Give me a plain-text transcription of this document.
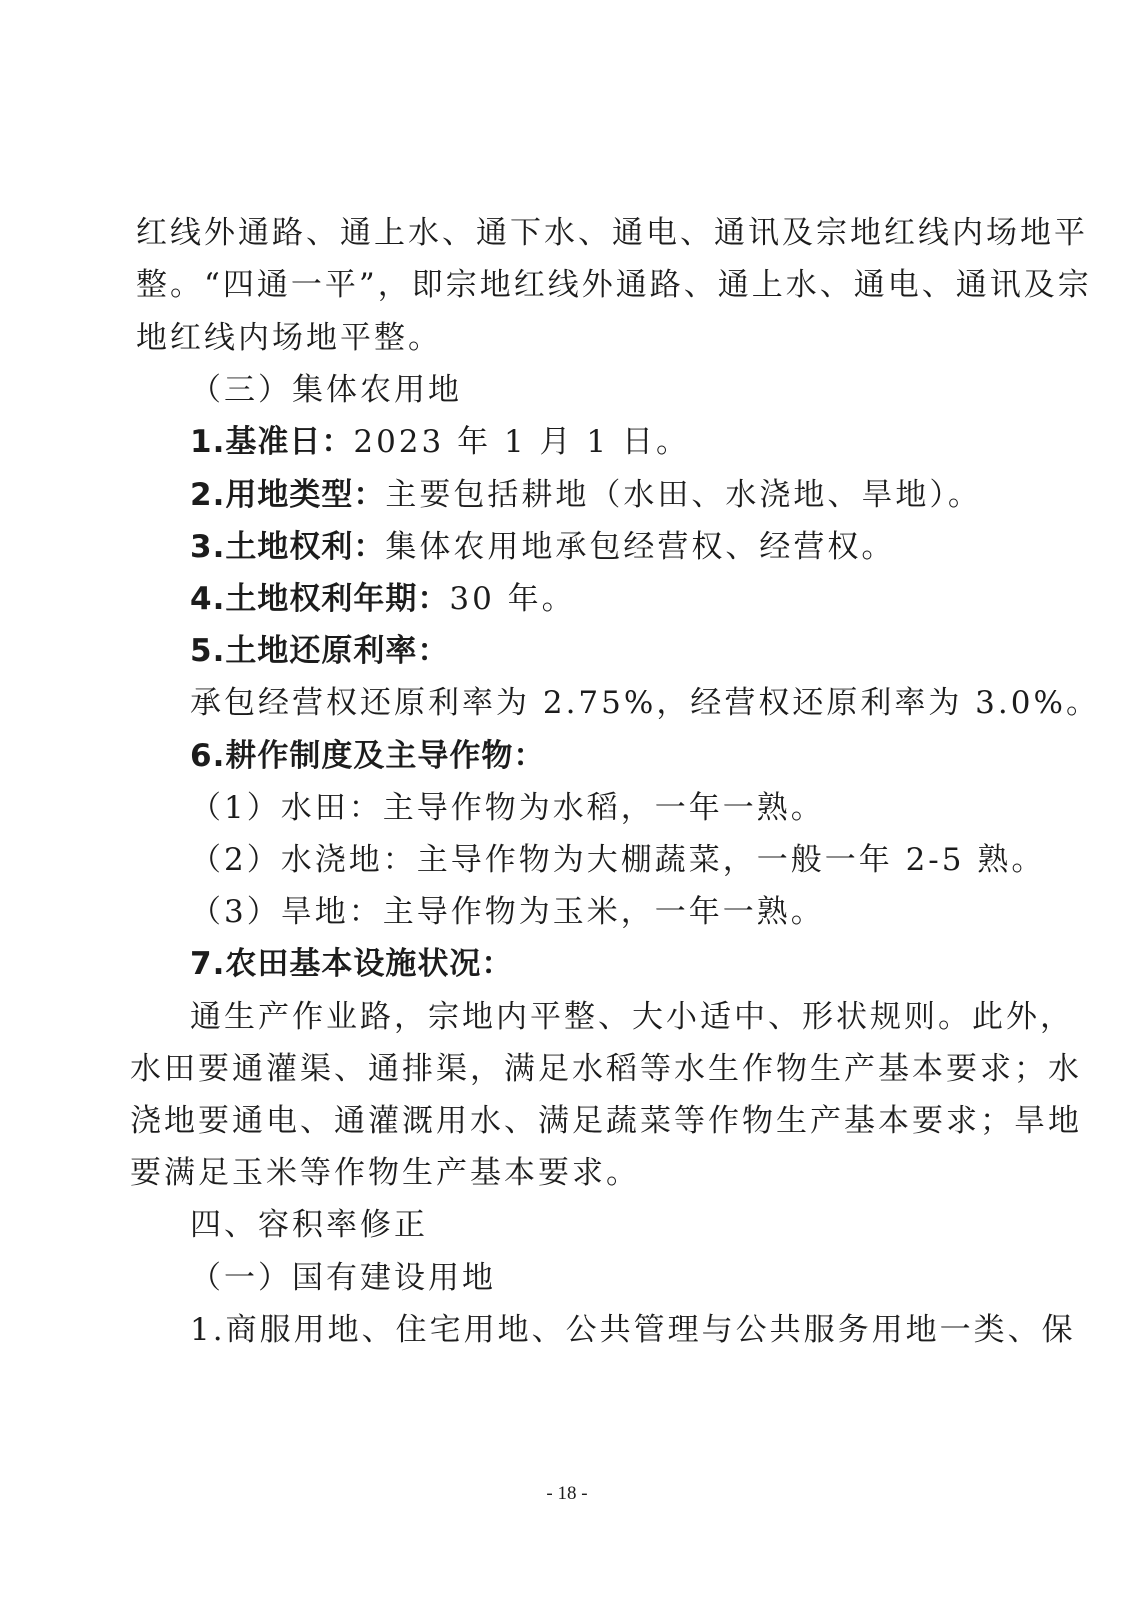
红线外通路、通上水、通下水、通电、通讯及宗地红线内场地平
整。“四通一平”，即宗地红线外通路、通上水、通电、通讯及宗
地红线内场地平整。
（三）集体农用地
1.基准日：2023 年 1 月 1 日。
2.用地类型：主要包括耕地（水田、水浇地、旱地）。
3.土地权利：集体农用地承包经营权、经营权。
4.土地权利年期：30 年。
5.土地还原利率：
承包经营权还原利率为 2.75%，经营权还原利率为 3.0%。
6.耕作制度及主导作物：
（1）水田：主导作物为水稻，一年一熟。
（2）水浇地：主导作物为大棚蔬菜，一般一年 2-5 熟。
（3）旱地：主导作物为玉米，一年一熟。
7.农田基本设施状况：
通生产作业路，宗地内平整、大小适中、形状规则。此外，
水田要通灌渠、通排渠，满足水稻等水生作物生产基本要求；水
浇地要通电、通灌溉用水、满足蔬菜等作物生产基本要求；旱地
要满足玉米等作物生产基本要求。
四、容积率修正
（一）国有建设用地
1.商服用地、住宅用地、公共管理与公共服务用地一类、保
- 18 -
